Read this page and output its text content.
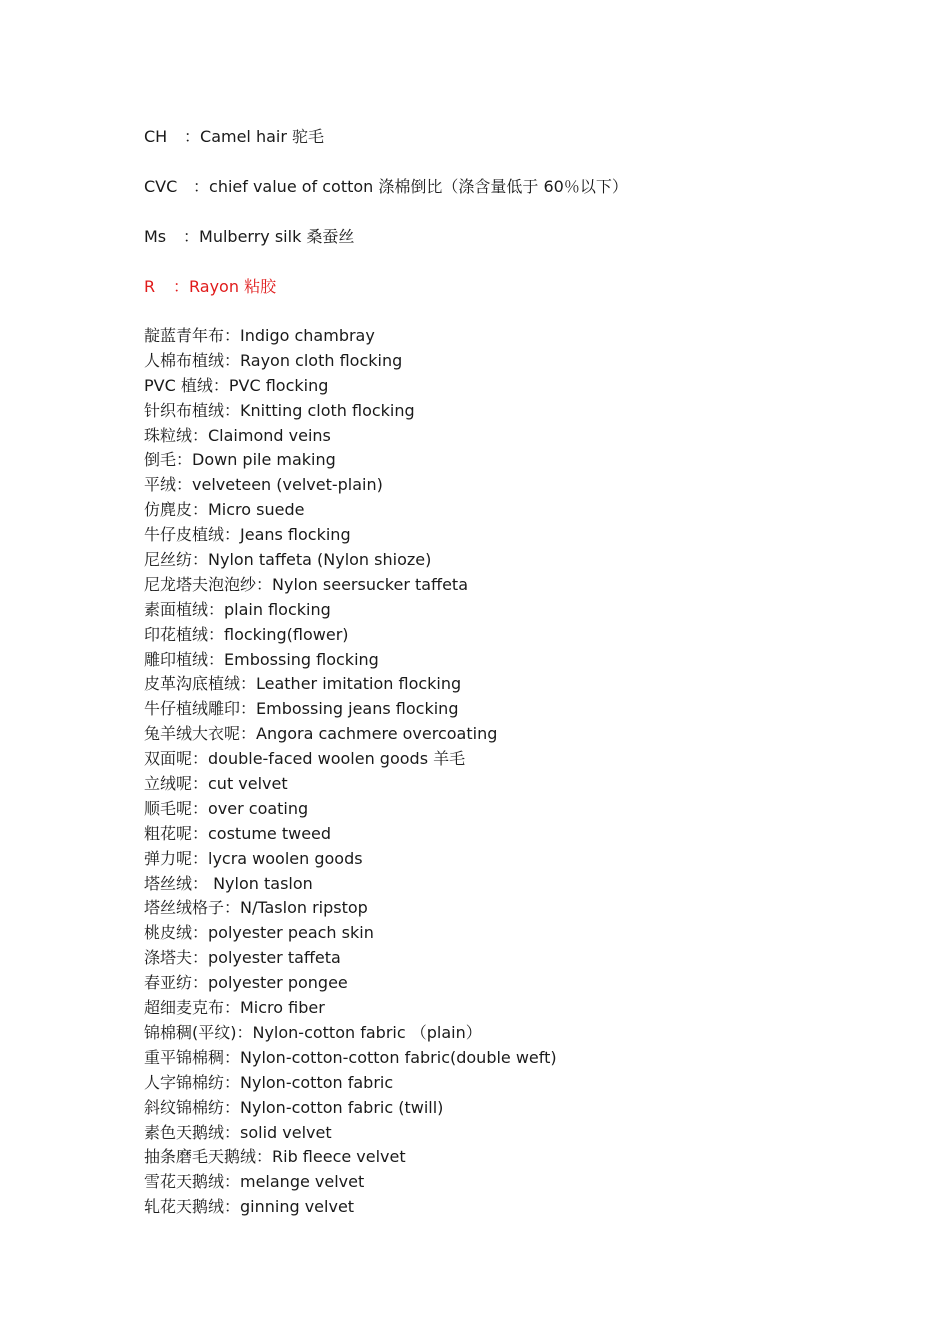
CH ：Camel hair 驼毛
CVC ：chief value of cotton 涤棉倒比（涤含量低于 60％以下）
Ms ：Mulberry silk 桑蚕丝
R ：Rayon 粘胶
靛蓝青年布：Indigo chambray
人棉布植绒：Rayon cloth flocking
PVC 植绒：PVC flocking
针织布植绒：Knitting cloth flocking
珠粒绒：Claimond veins
倒毛：Down pile making
平绒：velveteen (velvet-plain)
仿麂皮：Micro suede
牛仔皮植绒：Jeans flocking
尼丝纺：Nylon taffeta (Nylon shioze)
尼龙塔夫泡泡纱：Nylon seersucker taffeta
素面植绒：plain flocking
印花植绒：flocking(flower)
雕印植绒：Embossing flocking
皮革沟底植绒：Leather imitation flocking
牛仔植绒雕印：Embossing jeans flocking
兔羊绒大衣呢：Angora cachmere overcoating
双面呢：double-faced woolen goods 羊毛
立绒呢：cut velvet
顺毛呢：over coating
粗花呢：costume tweed
弹力呢：lycra woolen goods
塔丝绒： Nylon taslon
塔丝绒格子：N/Taslon ripstop
桃皮绒：polyester peach skin
涤塔夫：polyester taffeta
春亚纺：polyester pongee
超细麦克布：Micro fiber
锦棉稠(平纹)：Nylon-cotton fabric （plain）
重平锦棉稠：Nylon-cotton-cotton fabric(double weft)
人字锦棉纺：Nylon-cotton fabric
斜纹锦棉纺：Nylon-cotton fabric (twill)
素色天鹅绒：solid velvet
抽条磨毛天鹅绒：Rib fleece velvet
雪花天鹅绒：melange velvet
轧花天鹅绒：ginning velvet
